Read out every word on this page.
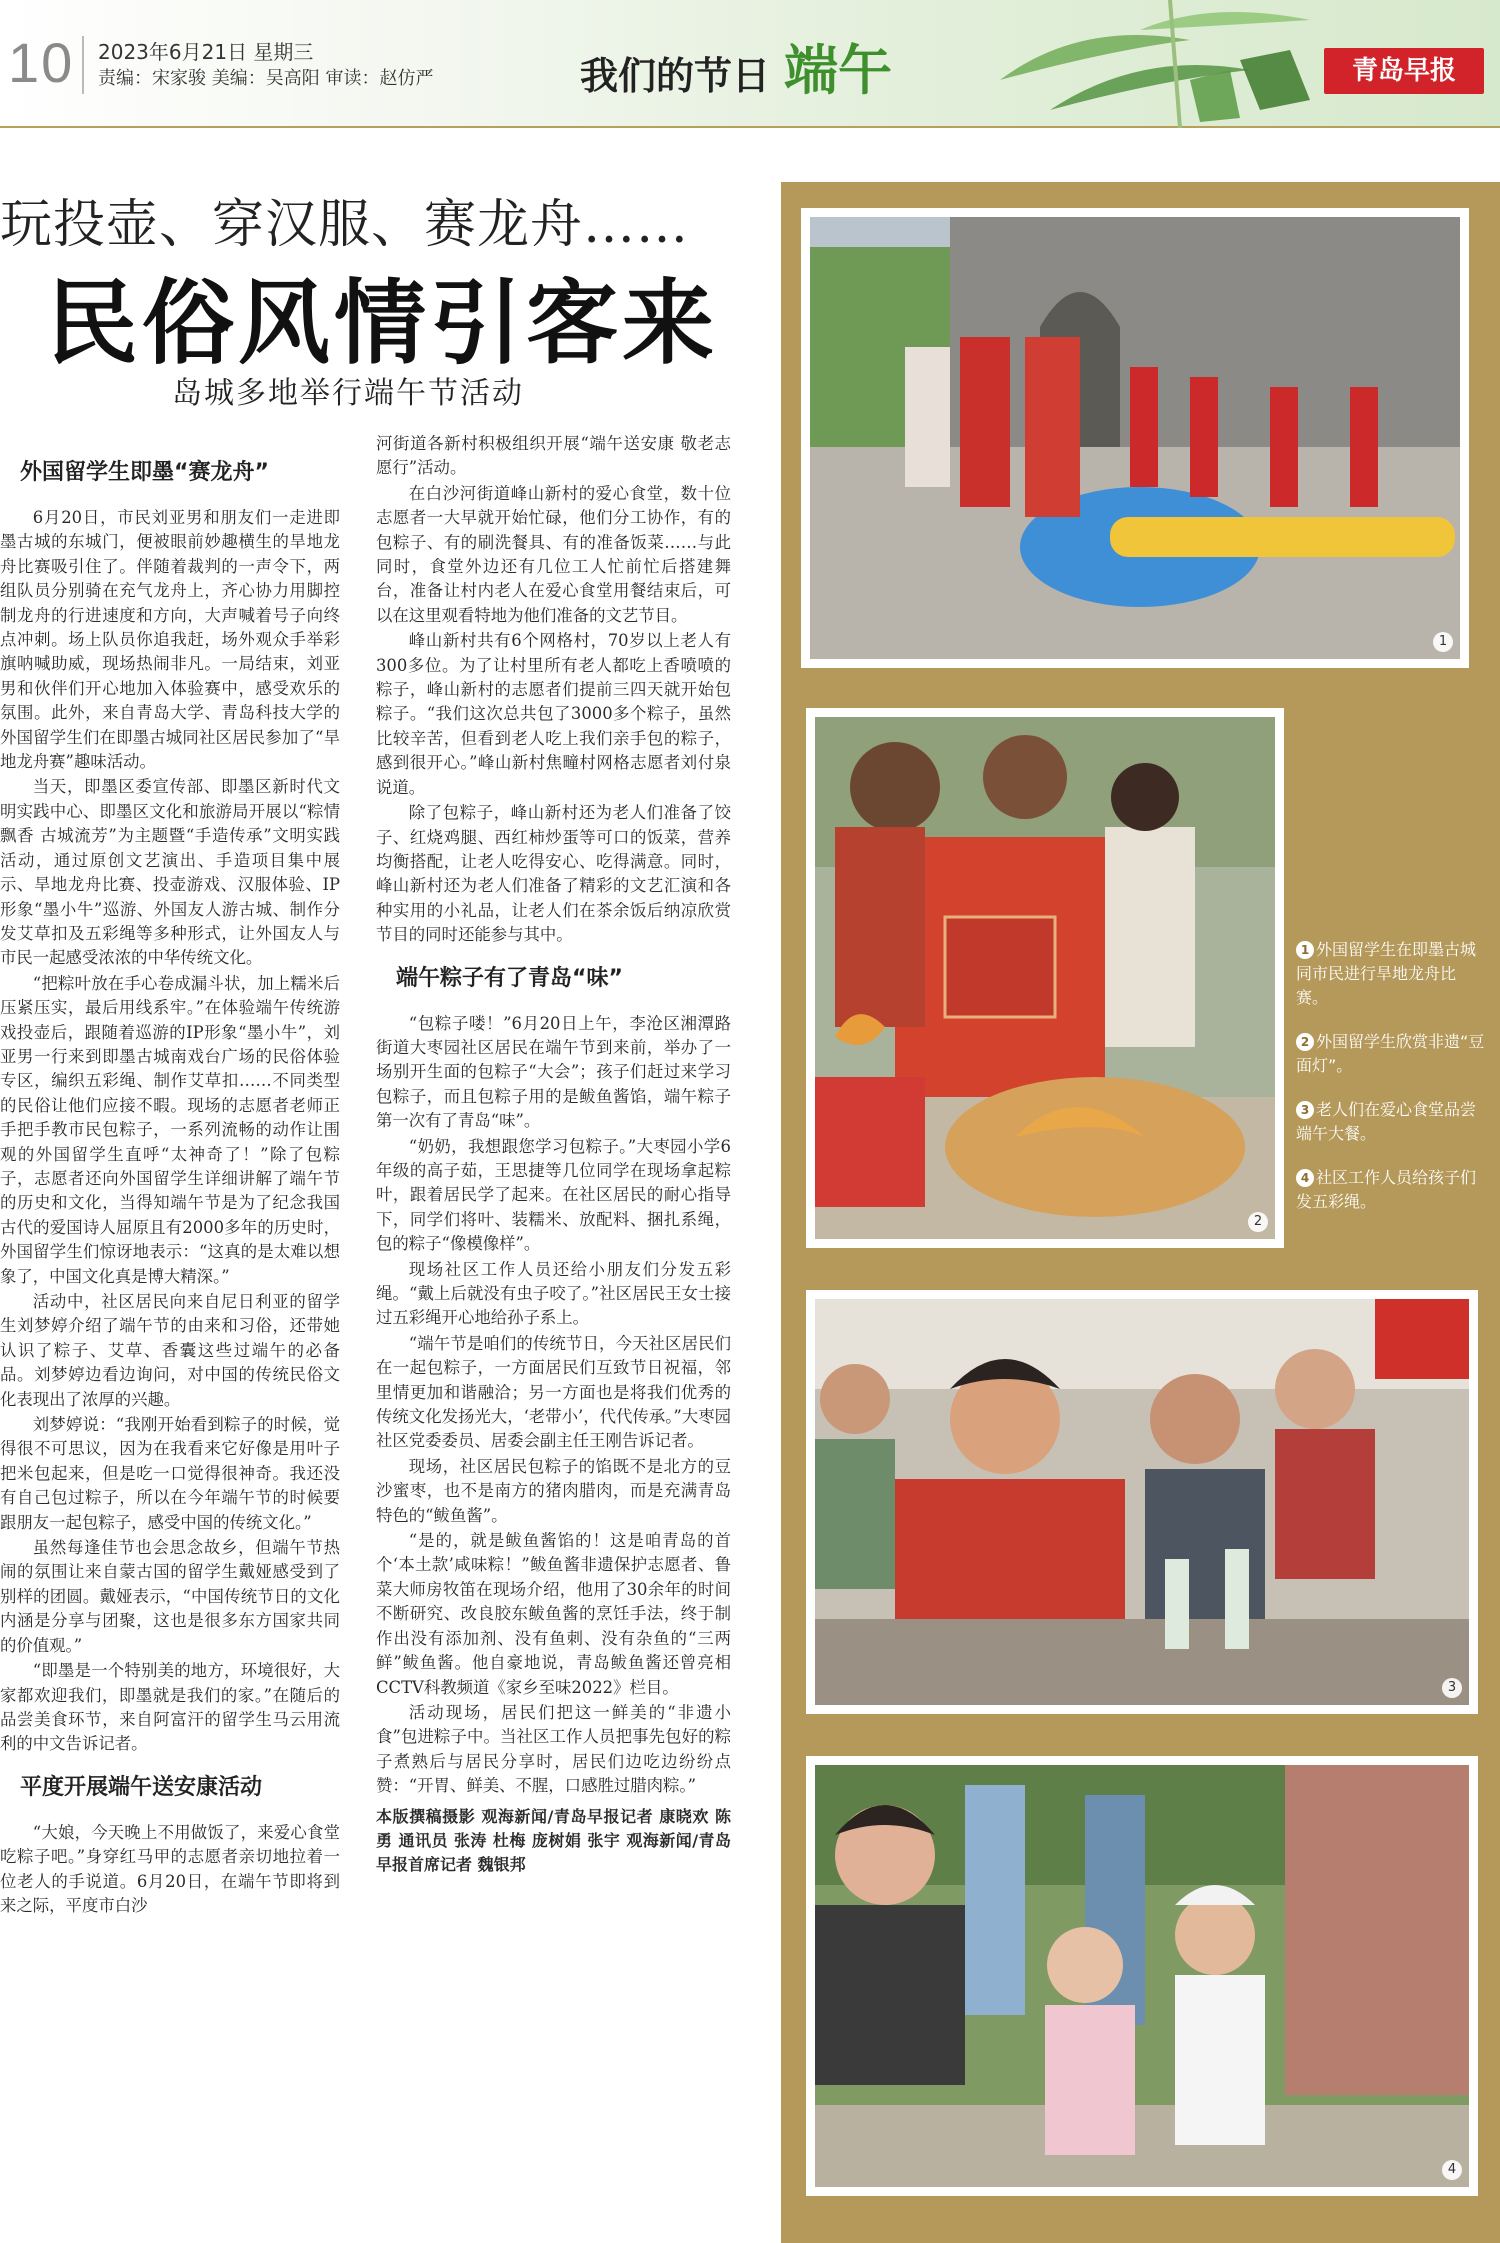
10 2023年6月21日 星期三
责编：宋家骏 美编：吴高阳 审读：赵仿严	我们的节日 端午	青岛早报
玩投壶、穿汉服、赛龙舟……
民俗风情引客来
岛城多地举行端午节活动
外国留学生即墨“赛龙舟”

6月20日，市民刘亚男和朋友们一走进即墨古城的东城门，便被眼前妙趣横生的旱地龙舟比赛吸引住了。伴随着裁判的一声令下，两组队员分别骑在充气龙舟上，齐心协力用脚控制龙舟的行进速度和方向，大声喊着号子向终点冲刺。场上队员你追我赶，场外观众手举彩旗呐喊助威，现场热闹非凡。一局结束，刘亚男和伙伴们开心地加入体验赛中，感受欢乐的氛围。此外，来自青岛大学、青岛科技大学的外国留学生们在即墨古城同社区居民参加了“旱地龙舟赛”趣味活动。

当天，即墨区委宣传部、即墨区新时代文明实践中心、即墨区文化和旅游局开展以“粽情飘香 古城流芳”为主题暨“手造传承”文明实践活动，通过原创文艺演出、手造项目集中展示、旱地龙舟比赛、投壶游戏、汉服体验、IP形象“墨小牛”巡游、外国友人游古城、制作分发艾草扣及五彩绳等多种形式，让外国友人与市民一起感受浓浓的中华传统文化。

“把粽叶放在手心卷成漏斗状，加上糯米后压紧压实，最后用线系牢。”在体验端午传统游戏投壶后，跟随着巡游的IP形象“墨小牛”，刘亚男一行来到即墨古城南戏台广场的民俗体验专区，编织五彩绳、制作艾草扣……不同类型的民俗让他们应接不暇。现场的志愿者老师正手把手教市民包粽子，一系列流畅的动作让围观的外国留学生直呼“太神奇了！”除了包粽子，志愿者还向外国留学生详细讲解了端午节的历史和文化，当得知端午节是为了纪念我国古代的爱国诗人屈原且有2000多年的历史时，外国留学生们惊讶地表示：“这真的是太难以想象了，中国文化真是博大精深。”

活动中，社区居民向来自尼日利亚的留学生刘梦婷介绍了端午节的由来和习俗，还带她认识了粽子、艾草、香囊这些过端午的必备品。刘梦婷边看边询问，对中国的传统民俗文化表现出了浓厚的兴趣。

刘梦婷说：“我刚开始看到粽子的时候，觉得很不可思议，因为在我看来它好像是用叶子把米包起来，但是吃一口觉得很神奇。我还没有自己包过粽子，所以在今年端午节的时候要跟朋友一起包粽子，感受中国的传统文化。”

虽然每逢佳节也会思念故乡，但端午节热闹的氛围让来自蒙古国的留学生戴娅感受到了别样的团圆。戴娅表示，“中国传统节日的文化内涵是分享与团聚，这也是很多东方国家共同的价值观。”

“即墨是一个特别美的地方，环境很好，大家都欢迎我们，即墨就是我们的家。”在随后的品尝美食环节，来自阿富汗的留学生马云用流利的中文告诉记者。

平度开展端午送安康活动

“大娘，今天晚上不用做饭了，来爱心食堂吃粽子吧。”身穿红马甲的志愿者亲切地拉着一位老人的手说道。6月20日，在端午节即将到来之际，平度市白沙

河街道各新村积极组织开展“端午送安康 敬老志愿行”活动。

在白沙河街道峰山新村的爱心食堂，数十位志愿者一大早就开始忙碌，他们分工协作，有的包粽子、有的刷洗餐具、有的准备饭菜……与此同时，食堂外边还有几位工人忙前忙后搭建舞台，准备让村内老人在爱心食堂用餐结束后，可以在这里观看特地为他们准备的文艺节目。

峰山新村共有6个网格村，70岁以上老人有300多位。为了让村里所有老人都吃上香喷喷的粽子，峰山新村的志愿者们提前三四天就开始包粽子。“我们这次总共包了3000多个粽子，虽然比较辛苦，但看到老人吃上我们亲手包的粽子，感到很开心。”峰山新村焦疃村网格志愿者刘付泉说道。

除了包粽子，峰山新村还为老人们准备了饺子、红烧鸡腿、西红柿炒蛋等可口的饭菜，营养均衡搭配，让老人吃得安心、吃得满意。同时，峰山新村还为老人们准备了精彩的文艺汇演和各种实用的小礼品，让老人们在茶余饭后纳凉欣赏节目的同时还能参与其中。

端午粽子有了青岛“味”

“包粽子喽！”6月20日上午，李沧区湘潭路街道大枣园社区居民在端午节到来前，举办了一场别开生面的包粽子“大会”；孩子们赶过来学习包粽子，而且包粽子用的是鲅鱼酱馅，端午粽子第一次有了青岛“味”。

“奶奶，我想跟您学习包粽子。”大枣园小学6年级的高子茹，王思捷等几位同学在现场拿起粽叶，跟着居民学了起来。在社区居民的耐心指导下，同学们将叶、装糯米、放配料、捆扎系绳，包的粽子“像模像样”。

现场社区工作人员还给小朋友们分发五彩绳。“戴上后就没有虫子咬了。”社区居民王女士接过五彩绳开心地给孙子系上。

“端午节是咱们的传统节日，今天社区居民们在一起包粽子，一方面居民们互致节日祝福，邻里情更加和谐融洽；另一方面也是将我们优秀的传统文化发扬光大，‘老带小’，代代传承。”大枣园社区党委委员、居委会副主任王刚告诉记者。

现场，社区居民包粽子的馅既不是北方的豆沙蜜枣，也不是南方的猪肉腊肉，而是充满青岛特色的“鲅鱼酱”。

“是的，就是鲅鱼酱馅的！这是咱青岛的首个‘本土款’咸味粽！”鲅鱼酱非遗保护志愿者、鲁菜大师房牧笛在现场介绍，他用了30余年的时间不断研究、改良胶东鲅鱼酱的烹饪手法，终于制作出没有添加剂、没有鱼刺、没有杂鱼的“三两鲜”鲅鱼酱。他自豪地说，青岛鲅鱼酱还曾亮相CCTV科教频道《家乡至味2022》栏目。

活动现场，居民们把这一鲜美的“非遗小食”包进粽子中。当社区工作人员把事先包好的粽子煮熟后与居民分享时，居民们边吃边纷纷点赞：“开胃、鲜美、不腥，口感胜过腊肉粽。”

本版撰稿摄影 观海新闻/青岛早报记者 康晓欢 陈勇 通讯员 张涛 杜梅 庞树娟 张宇 观海新闻/青岛早报首席记者 魏银邦
1
2

1 外国留学生在即墨古城同市民进行旱地龙舟比赛。

2 外国留学生欣赏非遗“豆面灯”。

3 老人们在爱心食堂品尝端午大餐。

4 社区工作人员给孩子们发五彩绳。

3
4
